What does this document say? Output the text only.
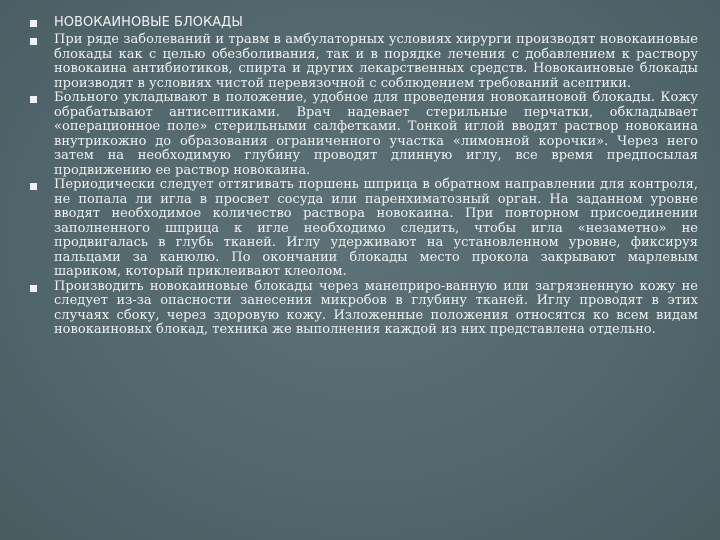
НОВОКАИНОВЫЕ БЛОКАДЫ
При ряде заболеваний и травм в амбулаторных условиях хирурги производят новокаиновые блокады как с целью обезболивания, так и в порядке лечения с добавлением к раствору новокаина антибиотиков, спирта и других лекарственных средств. Новокаиновые блокады производят в условиях чистой перевязочной с соблюдением требований асептики.
Больного укладывают в положение, удобное для проведения новокаиновой блокады. Кожу обрабатывают антисептиками. Врач надевает стерильные перчатки, обкладывает «операционное поле» стерильными салфетками. Тонкой иглой вводят раствор новокаина внутрикожно до образования ограниченного участка «лимонной корочки». Через него затем на необходимую глубину проводят длинную иглу, все время предпосылая продвижению ее раствор новокаина.
Периодически следует оттягивать поршень шприца в обратном направлении для контроля, не попала ли игла в просвет сосуда или паренхиматозный орган. На заданном уровне вводят необходимое количество раствора новокаина. При повторном присоединении заполненного шприца к игле необходимо следить, чтобы игла «незаметно» не продвигалась в глубь тканей. Иглу удерживают на установленном уровне, фиксируя пальцами за канюлю. По окончании блокады место прокола закрывают марлевым шариком, который приклеивают клеолом.
Производить новокаиновые блокады через манеприро-ванную или загрязненную кожу не следует из-за опасности занесения микробов в глубину тканей. Иглу проводят в этих случаях сбоку, через здоровую кожу. Изложенные положения относятся ко всем видам новокаиновых блокад, техника же выполнения каждой из них представлена отдельно.
